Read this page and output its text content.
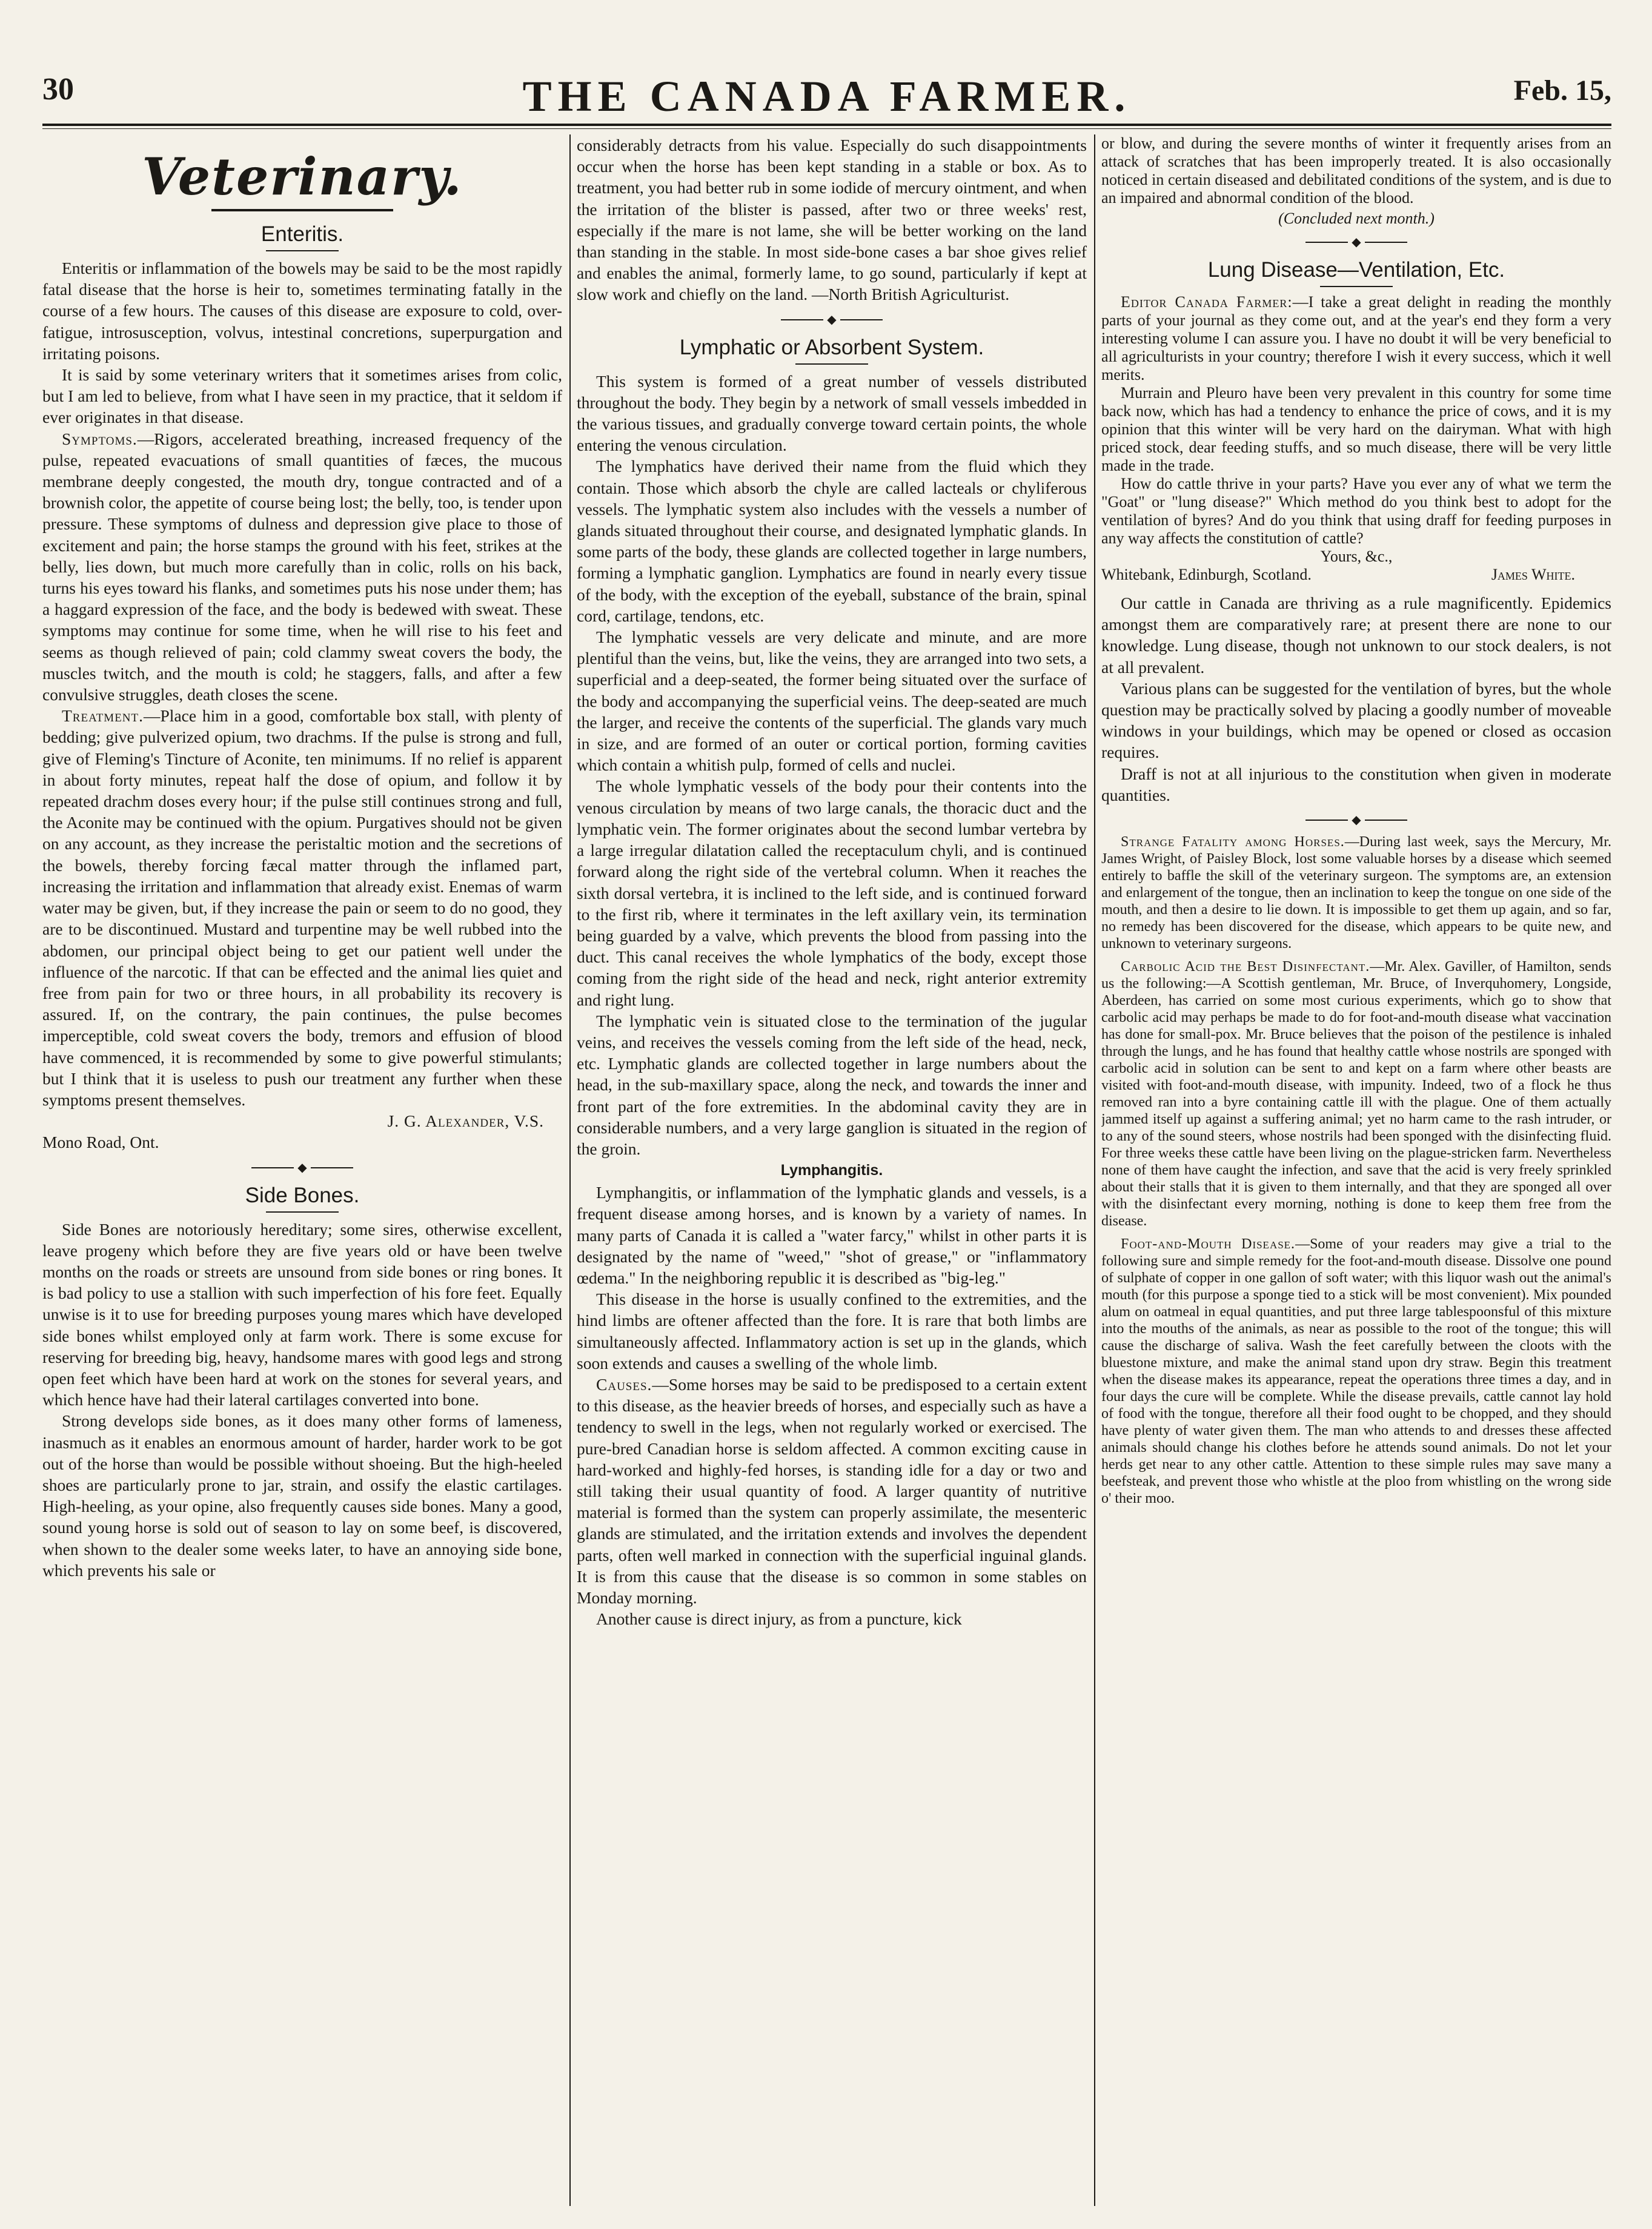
30	THE CANADA FARMER.	Feb. 15,
Veterinary.
Enteritis.

Enteritis or inflammation of the bowels may be said to be the most rapidly fatal disease that the horse is heir to, sometimes terminating fatally in the course of a few hours. The causes of this disease are exposure to cold, over-fatigue, introsusception, volvus, intestinal concretions, superpurgation and irritating poisons.

It is said by some veterinary writers that it sometimes arises from colic, but I am led to believe, from what I have seen in my practice, that it seldom if ever originates in that disease.

Symptoms.—Rigors, accelerated breathing, increased frequency of the pulse, repeated evacuations of small quantities of fæces, the mucous membrane deeply congested, the mouth dry, tongue contracted and of a brownish color, the appetite of course being lost; the belly, too, is tender upon pressure. These symptoms of dulness and depression give place to those of excitement and pain; the horse stamps the ground with his feet, strikes at the belly, lies down, but much more carefully than in colic, rolls on his back, turns his eyes toward his flanks, and sometimes puts his nose under them; has a haggard expression of the face, and the body is bedewed with sweat. These symptoms may continue for some time, when he will rise to his feet and seems as though relieved of pain; cold clammy sweat covers the body, the muscles twitch, and the mouth is cold; he staggers, falls, and after a few convulsive struggles, death closes the scene.

Treatment.—Place him in a good, comfortable box stall, with plenty of bedding; give pulverized opium, two drachms. If the pulse is strong and full, give of Fleming's Tincture of Aconite, ten minimums. If no relief is apparent in about forty minutes, repeat half the dose of opium, and follow it by repeated drachm doses every hour; if the pulse still continues strong and full, the Aconite may be continued with the opium. Purgatives should not be given on any account, as they increase the peristaltic motion and the secretions of the bowels, thereby forcing fæcal matter through the inflamed part, increasing the irritation and inflammation that already exist. Enemas of warm water may be given, but, if they increase the pain or seem to do no good, they are to be discontinued. Mustard and turpentine may be well rubbed into the abdomen, our principal object being to get our patient well under the influence of the narcotic. If that can be effected and the animal lies quiet and free from pain for two or three hours, in all probability its recovery is assured. If, on the contrary, the pain continues, the pulse becomes imperceptible, cold sweat covers the body, tremors and effusion of blood have commenced, it is recommended by some to give powerful stimulants; but I think that it is useless to push our treatment any further when these symptoms present themselves.

J. G. Alexander, V.S.

Mono Road, Ont.

◆
Side Bones.

Side Bones are notoriously hereditary; some sires, otherwise excellent, leave progeny which before they are five years old or have been twelve months on the roads or streets are unsound from side bones or ring bones. It is bad policy to use a stallion with such imperfection of his fore feet. Equally unwise is it to use for breeding purposes young mares which have developed side bones whilst employed only at farm work. There is some excuse for reserving for breeding big, heavy, handsome mares with good legs and strong open feet which have been hard at work on the stones for several years, and which hence have had their lateral cartilages converted into bone.

Strong develops side bones, as it does many other forms of lameness, inasmuch as it enables an enormous amount of harder, harder work to be got out of the horse than would be possible without shoeing. But the high-heeled shoes are particularly prone to jar, strain, and ossify the elastic cartilages. High-heeling, as your opine, also frequently causes side bones. Many a good, sound young horse is sold out of season to lay on some beef, is discovered, when shown to the dealer some weeks later, to have an annoying side bone, which prevents his sale or

considerably detracts from his value. Especially do such disappointments occur when the horse has been kept standing in a stable or box. As to treatment, you had better rub in some iodide of mercury ointment, and when the irritation of the blister is passed, after two or three weeks' rest, especially if the mare is not lame, she will be better working on the land than standing in the stable. In most side-bone cases a bar shoe gives relief and enables the animal, formerly lame, to go sound, particularly if kept at slow work and chiefly on the land. —North British Agriculturist.

◆
Lymphatic or Absorbent System.

This system is formed of a great number of vessels distributed throughout the body. They begin by a network of small vessels imbedded in the various tissues, and gradually converge toward certain points, the whole entering the venous circulation.

The lymphatics have derived their name from the fluid which they contain. Those which absorb the chyle are called lacteals or chyliferous vessels. The lymphatic system also includes with the vessels a number of glands situated throughout their course, and designated lymphatic glands. In some parts of the body, these glands are collected together in large numbers, forming a lymphatic ganglion. Lymphatics are found in nearly every tissue of the body, with the exception of the eyeball, substance of the brain, spinal cord, cartilage, tendons, etc.

The lymphatic vessels are very delicate and minute, and are more plentiful than the veins, but, like the veins, they are arranged into two sets, a superficial and a deep-seated, the former being situated over the surface of the body and accompanying the superficial veins. The deep-seated are much the larger, and receive the contents of the superficial. The glands vary much in size, and are formed of an outer or cortical portion, forming cavities which contain a whitish pulp, formed of cells and nuclei.

The whole lymphatic vessels of the body pour their contents into the venous circulation by means of two large canals, the thoracic duct and the lymphatic vein. The former originates about the second lumbar vertebra by a large irregular dilatation called the receptaculum chyli, and is continued forward along the right side of the vertebral column. When it reaches the sixth dorsal vertebra, it is inclined to the left side, and is continued forward to the first rib, where it terminates in the left axillary vein, its termination being guarded by a valve, which prevents the blood from passing into the duct. This canal receives the whole lymphatics of the body, except those coming from the right side of the head and neck, right anterior extremity and right lung.

The lymphatic vein is situated close to the termination of the jugular veins, and receives the vessels coming from the left side of the head, neck, etc. Lymphatic glands are collected together in large numbers about the head, in the sub-maxillary space, along the neck, and towards the inner and front part of the fore extremities. In the abdominal cavity they are in considerable numbers, and a very large ganglion is situated in the region of the groin.

Lymphangitis.

Lymphangitis, or inflammation of the lymphatic glands and vessels, is a frequent disease among horses, and is known by a variety of names. In many parts of Canada it is called a "water farcy," whilst in other parts it is designated by the name of "weed," "shot of grease," or "inflammatory œdema." In the neighboring republic it is described as "big-leg."

This disease in the horse is usually confined to the extremities, and the hind limbs are oftener affected than the fore. It is rare that both limbs are simultaneously affected. Inflammatory action is set up in the glands, which soon extends and causes a swelling of the whole limb.

Causes.—Some horses may be said to be predisposed to a certain extent to this disease, as the heavier breeds of horses, and especially such as have a tendency to swell in the legs, when not regularly worked or exercised. The pure-bred Canadian horse is seldom affected. A common exciting cause in hard-worked and highly-fed horses, is standing idle for a day or two and still taking their usual quantity of food. A larger quantity of nutritive material is formed than the system can properly assimilate, the mesenteric glands are stimulated, and the irritation extends and involves the dependent parts, often well marked in connection with the superficial inguinal glands. It is from this cause that the disease is so common in some stables on Monday morning.

Another cause is direct injury, as from a puncture, kick

or blow, and during the severe months of winter it frequently arises from an attack of scratches that has been improperly treated. It is also occasionally noticed in certain diseased and debilitated conditions of the system, and is due to an impaired and abnormal condition of the blood.

(Concluded next month.)

◆
Lung Disease—Ventilation, Etc.

Editor Canada Farmer:—I take a great delight in reading the monthly parts of your journal as they come out, and at the year's end they form a very interesting volume I can assure you. I have no doubt it will be very beneficial to all agriculturists in your country; therefore I wish it every success, which it well merits.

Murrain and Pleuro have been very prevalent in this country for some time back now, which has had a tendency to enhance the price of cows, and it is my opinion that this winter will be very hard on the dairyman. What with high priced stock, dear feeding stuffs, and so much disease, there will be very little made in the trade.

How do cattle thrive in your parts? Have you ever any of what we term the "Goat" or "lung disease?" Which method do you think best to adopt for the ventilation of byres? And do you think that using draff for feeding purposes in any way affects the constitution of cattle?

Yours, &c.,

Whitebank, Edinburgh, Scotland.	James White.

Our cattle in Canada are thriving as a rule magnificently. Epidemics amongst them are comparatively rare; at present there are none to our knowledge. Lung disease, though not unknown to our stock dealers, is not at all prevalent.

Various plans can be suggested for the ventilation of byres, but the whole question may be practically solved by placing a goodly number of moveable windows in your buildings, which may be opened or closed as occasion requires.

Draff is not at all injurious to the constitution when given in moderate quantities.

◆

Strange Fatality among Horses.—During last week, says the Mercury, Mr. James Wright, of Paisley Block, lost some valuable horses by a disease which seemed entirely to baffle the skill of the veterinary surgeon. The symptoms are, an extension and enlargement of the tongue, then an inclination to keep the tongue on one side of the mouth, and then a desire to lie down. It is impossible to get them up again, and so far, no remedy has been discovered for the disease, which appears to be quite new, and unknown to veterinary surgeons.

Carbolic Acid the Best Disinfectant.—Mr. Alex. Gaviller, of Hamilton, sends us the following:—A Scottish gentleman, Mr. Bruce, of Inverquhomery, Longside, Aberdeen, has carried on some most curious experiments, which go to show that carbolic acid may perhaps be made to do for foot-and-mouth disease what vaccination has done for small-pox. Mr. Bruce believes that the poison of the pestilence is inhaled through the lungs, and he has found that healthy cattle whose nostrils are sponged with carbolic acid in solution can be sent to and kept on a farm where other beasts are visited with foot-and-mouth disease, with impunity. Indeed, two of a flock he thus removed ran into a byre containing cattle ill with the plague. One of them actually jammed itself up against a suffering animal; yet no harm came to the rash intruder, or to any of the sound steers, whose nostrils had been sponged with the disinfecting fluid. For three weeks these cattle have been living on the plague-stricken farm. Nevertheless none of them have caught the infection, and save that the acid is very freely sprinkled about their stalls that it is given to them internally, and that they are sponged all over with the disinfectant every morning, nothing is done to keep them free from the disease.

Foot-and-Mouth Disease.—Some of your readers may give a trial to the following sure and simple remedy for the foot-and-mouth disease. Dissolve one pound of sulphate of copper in one gallon of soft water; with this liquor wash out the animal's mouth (for this purpose a sponge tied to a stick will be most convenient). Mix pounded alum on oatmeal in equal quantities, and put three large tablespoonsful of this mixture into the mouths of the animals, as near as possible to the root of the tongue; this will cause the discharge of saliva. Wash the feet carefully between the cloots with the bluestone mixture, and make the animal stand upon dry straw. Begin this treatment when the disease makes its appearance, repeat the operations three times a day, and in four days the cure will be complete. While the disease prevails, cattle cannot lay hold of food with the tongue, therefore all their food ought to be chopped, and they should have plenty of water given them. The man who attends to and dresses these affected animals should change his clothes before he attends sound animals. Do not let your herds get near to any other cattle. Attention to these simple rules may save many a beefsteak, and prevent those who whistle at the ploo from whistling on the wrong side o' their moo.
